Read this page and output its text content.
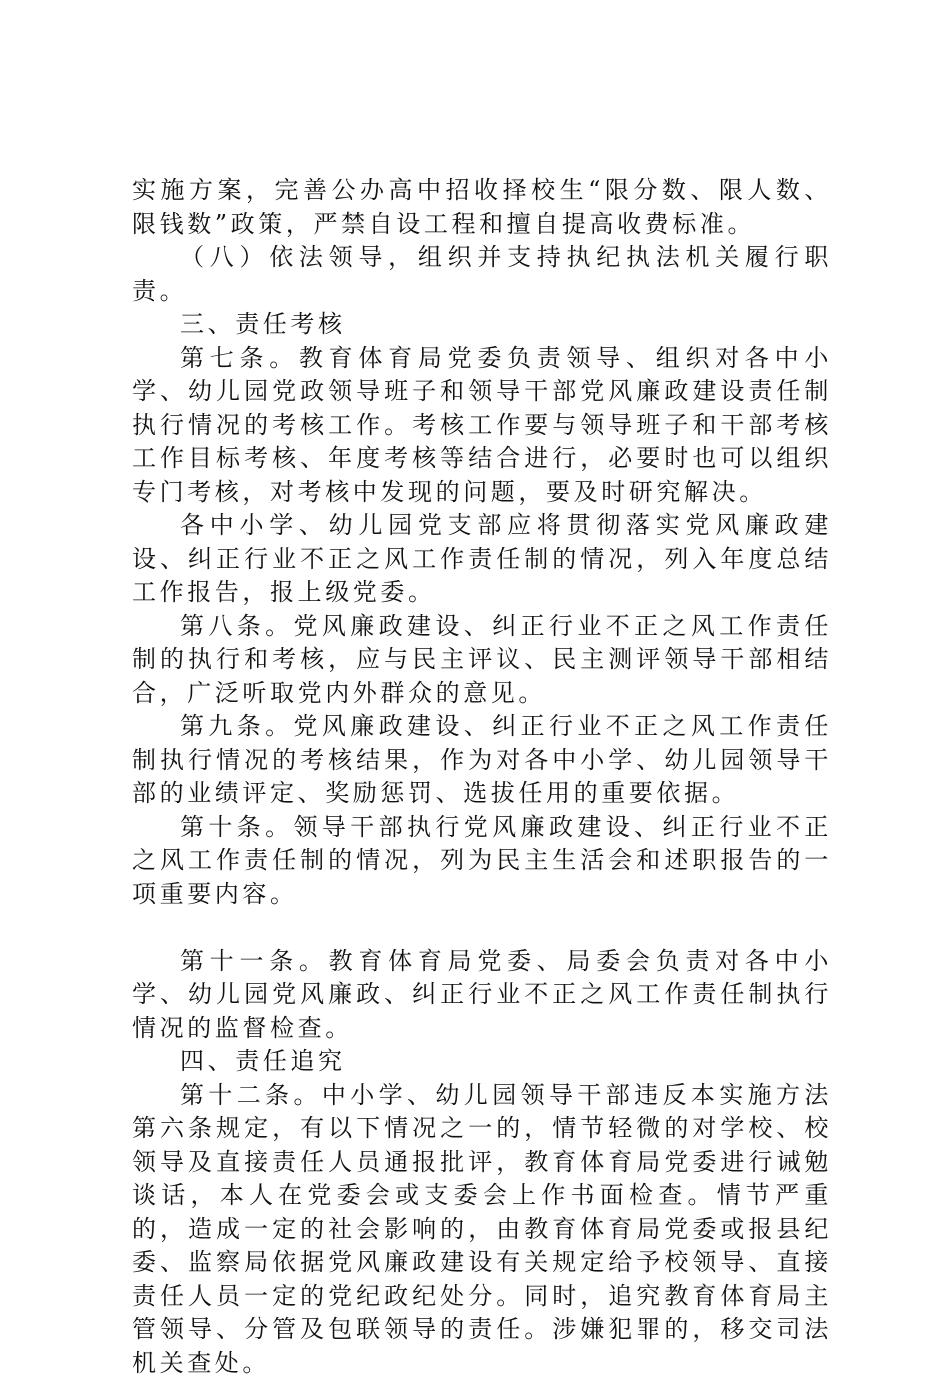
实施方案，完善公办高中招收择校生“限分数、限人数、限钱数”政策，严禁自设工程和擅自提高收费标准。

（八）依法领导，组织并支持执纪执法机关履行职责。

三、责任考核

第七条。教育体育局党委负责领导、组织对各中小学、幼儿园党政领导班子和领导干部党风廉政建设责任制执行情况的考核工作。考核工作要与领导班子和干部考核工作目标考核、年度考核等结合进行，必要时也可以组织专门考核，对考核中发现的问题，要及时研究解决。

各中小学、幼儿园党支部应将贯彻落实党风廉政建设、纠正行业不正之风工作责任制的情况，列入年度总结工作报告，报上级党委。

第八条。党风廉政建设、纠正行业不正之风工作责任制的执行和考核，应与民主评议、民主测评领导干部相结合，广泛听取党内外群众的意见。

第九条。党风廉政建设、纠正行业不正之风工作责任制执行情况的考核结果，作为对各中小学、幼儿园领导干部的业绩评定、奖励惩罚、选拔任用的重要依据。

第十条。领导干部执行党风廉政建设、纠正行业不正之风工作责任制的情况，列为民主生活会和述职报告的一项重要内容。

第十一条。教育体育局党委、局委会负责对各中小学、幼儿园党风廉政、纠正行业不正之风工作责任制执行情况的监督检查。

四、责任追究

第十二条。中小学、幼儿园领导干部违反本实施方法第六条规定，有以下情况之一的，情节轻微的对学校、校领导及直接责任人员通报批评，教育体育局党委进行诫勉谈话，本人在党委会或支委会上作书面检查。情节严重的，造成一定的社会影响的，由教育体育局党委或报县纪委、监察局依据党风廉政建设有关规定给予校领导、直接责任人员一定的党纪政纪处分。同时，追究教育体育局主管领导、分管及包联领导的责任。涉嫌犯罪的，移交司法机关查处。
